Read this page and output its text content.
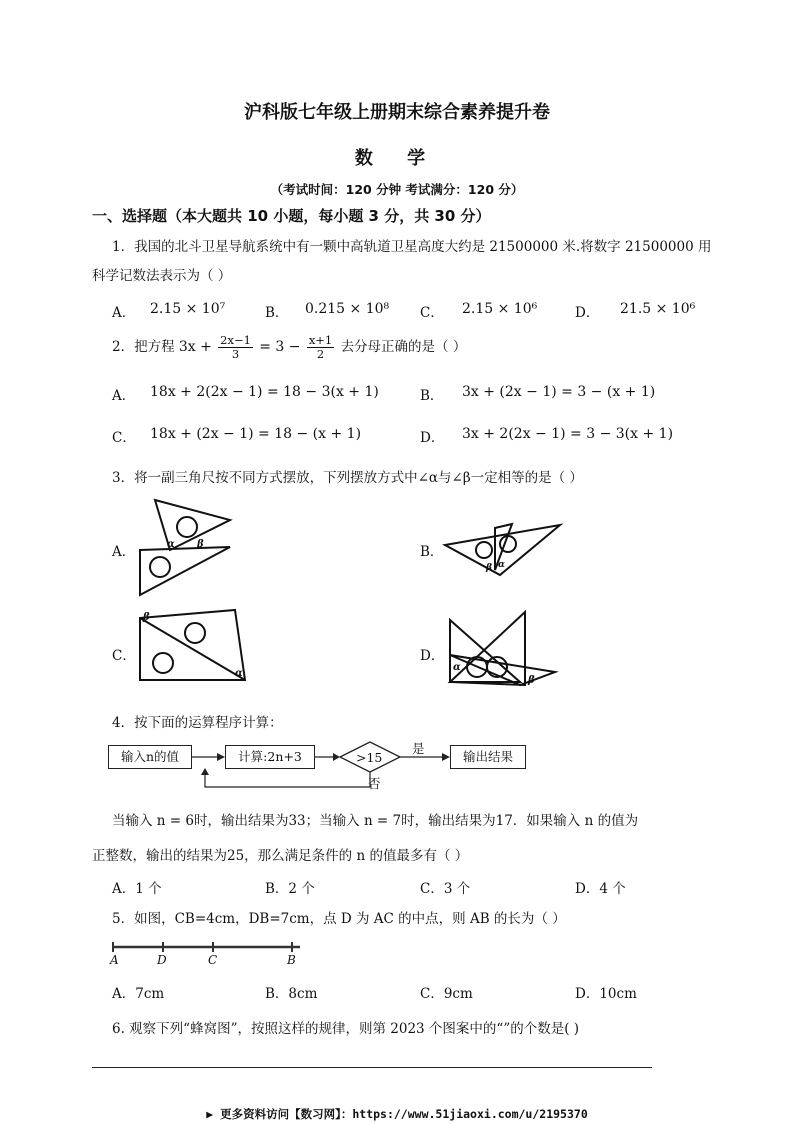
沪科版七年级上册期末综合素养提升卷
数 学
（考试时间：120 分钟 考试满分：120 分）
一、选择题（本大题共 10 小题，每小题 3 分，共 30 分）
1．我国的北斗卫星导航系统中有一颗中高轨道卫星高度大约是 21500000 米.将数字 21500000 用
科学记数法表示为（ ）
A． 2.15 × 10⁷	B． 0.215 × 10⁸ C． 2.15 × 10⁶	D． 21.5 × 10⁶
2．把方程 $3x + \frac{2x-1}{3} = 3 - \frac{x+1}{2}$ 去分母正确的是（ ）
A． 18x + 2(2x − 1) = 18 − 3(x + 1)	B． 3x + (2x − 1) = 3 − (x + 1)
C． 18x + (2x − 1) = 18 − (x + 1)	D． 3x + 2(2x − 1) = 3 − 3(x + 1)
3．将一副三角尺按不同方式摆放，下列摆放方式中∠α与∠β一定相等的是（ ）
A．	α β	B．
β α
C．
β
α
D．
α
β
4．按下面的运算程序计算：
输入n的值	计算:2n+3	>15
是
否
输出结果
当输入 n = 6时，输出结果为33；当输入 n = 7时，输出结果为17．如果输入 n 的值为
正整数，输出的结果为25，那么满足条件的 n 的值最多有（ ）
A．1 个	B．2 个	C．3 个	D．4 个
5．如图，CB=4cm，DB=7cm，点 D 为 AC 的中点，则 AB 的长为（ ）
A	D	C	B
A．7cm	B．8cm	C．9cm	D．10cm
6. 观察下列“蜂窝图”，按照这样的规律，则第 2023 个图案中的“”的个数是( )
▶ 更多资料访问【数习网】：https://www.51jiaoxi.com/u/2195370
